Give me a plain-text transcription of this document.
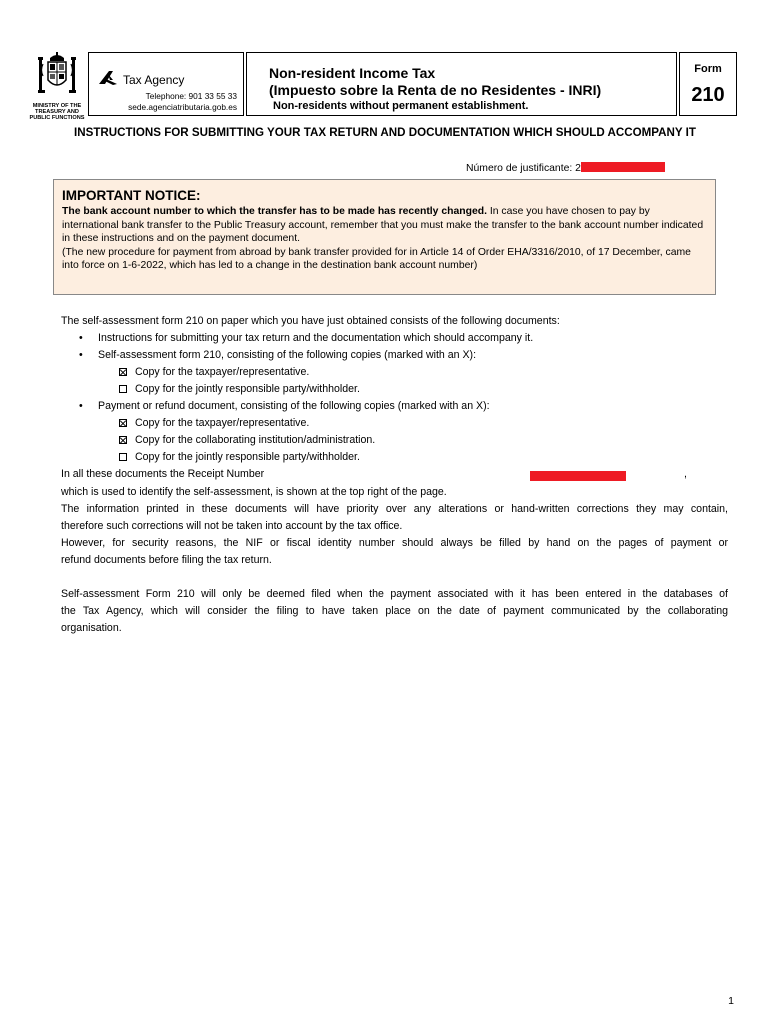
MINISTRY OF THE TREASURY AND PUBLIC FUNCTIONS
Tax Agency
Telephone: 901 33 55 33
sede.agenciatributaria.gob.es
Non-resident Income Tax
(Impuesto sobre la Renta de no Residentes - INRI)
Non-residents without permanent establishment.
Form
210
INSTRUCTIONS FOR SUBMITTING YOUR TAX RETURN AND DOCUMENTATION WHICH SHOULD ACCOMPANY IT
Número de justificante: 2
IMPORTANT NOTICE:
The bank account number to which the transfer has to be made has recently changed. In case you have chosen to pay by international bank transfer to the Public Treasury account, remember that you must make the transfer to the bank account number indicated in these instructions and on the payment document.
(The new procedure for payment from abroad by bank transfer provided for in Article 14 of Order EHA/3316/2010, of 17 December, came into force on 1-6-2022, which has led to a change in the destination bank account number)
The self-assessment form 210 on paper which you have just obtained consists of the following documents:
• Instructions for submitting your tax return and the documentation which should accompany it.
• Self-assessment form 210, consisting of the following copies (marked with an X):
Copy for the taxpayer/representative.
Copy for the jointly responsible party/withholder.
• Payment or refund document, consisting of the following copies (marked with an X):
Copy for the taxpayer/representative.
Copy for the collaborating institution/administration.
Copy for the jointly responsible party/withholder.
In all these documents the Receipt Number	,
which is used to identify the self-assessment, is shown at the top right of the page.
The information printed in these documents will have priority over any alterations or hand-written corrections they may contain,
therefore such corrections will not be taken into account by the tax office.
However, for security reasons, the NIF or fiscal identity number should always be filled by hand on the pages of payment or
refund documents before filing the tax return.
Self-assessment Form 210 will only be deemed filed when the payment associated with it has been entered in the databases of
the Tax Agency, which will consider the filing to have taken place on the date of payment communicated by the collaborating
organisation.
1
